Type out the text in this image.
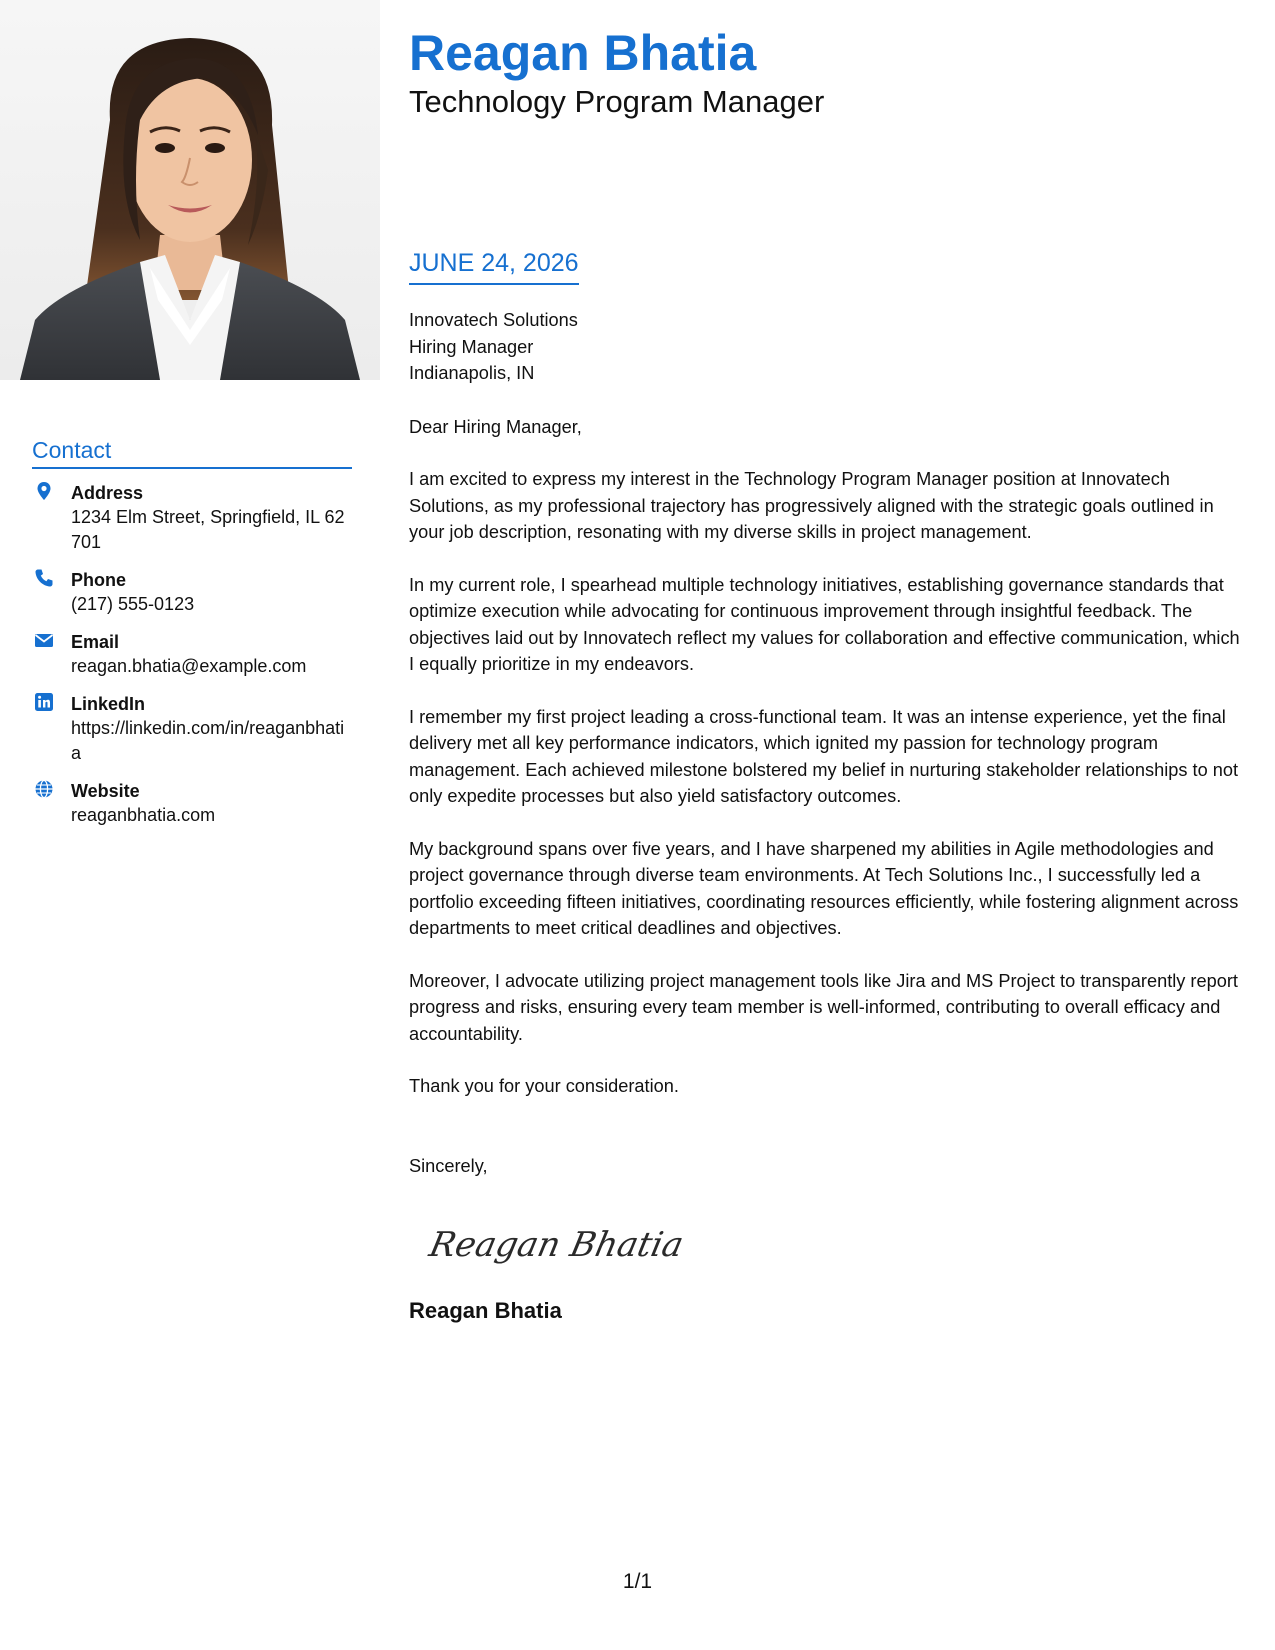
Contact
Address
1234 Elm Street, Springfield, IL 62701
Phone
(217) 555-0123
Email
reagan.bhatia@example.com
LinkedIn
https://linkedin.com/in/reaganbhatia
Website
reaganbhatia.com
Reagan Bhatia
Technology Program Manager
JUNE 24, 2026
Innovatech Solutions
Hiring Manager
Indianapolis, IN
Dear Hiring Manager,

I am excited to express my interest in the Technology Program Manager position at Innovatech Solutions, as my professional trajectory has progressively aligned with the strategic goals outlined in your job description, resonating with my diverse skills in project management.

In my current role, I spearhead multiple technology initiatives, establishing governance standards that optimize execution while advocating for continuous improvement through insightful feedback. The objectives laid out by Innovatech reflect my values for collaboration and effective communication, which I equally prioritize in my endeavors.

I remember my first project leading a cross-functional team. It was an intense experience, yet the final delivery met all key performance indicators, which ignited my passion for technology program management. Each achieved milestone bolstered my belief in nurturing stakeholder relationships to not only expedite processes but also yield satisfactory outcomes.

My background spans over five years, and I have sharpened my abilities in Agile methodologies and project governance through diverse team environments. At Tech Solutions Inc., I successfully led a portfolio exceeding fifteen initiatives, coordinating resources efficiently, while fostering alignment across departments to meet critical deadlines and objectives.

Moreover, I advocate utilizing project management tools like Jira and MS Project to transparently report progress and risks, ensuring every team member is well-informed, contributing to overall efficacy and accountability.

Thank you for your consideration.

Sincerely,
Reagan Bhatia
Reagan Bhatia
1/1
